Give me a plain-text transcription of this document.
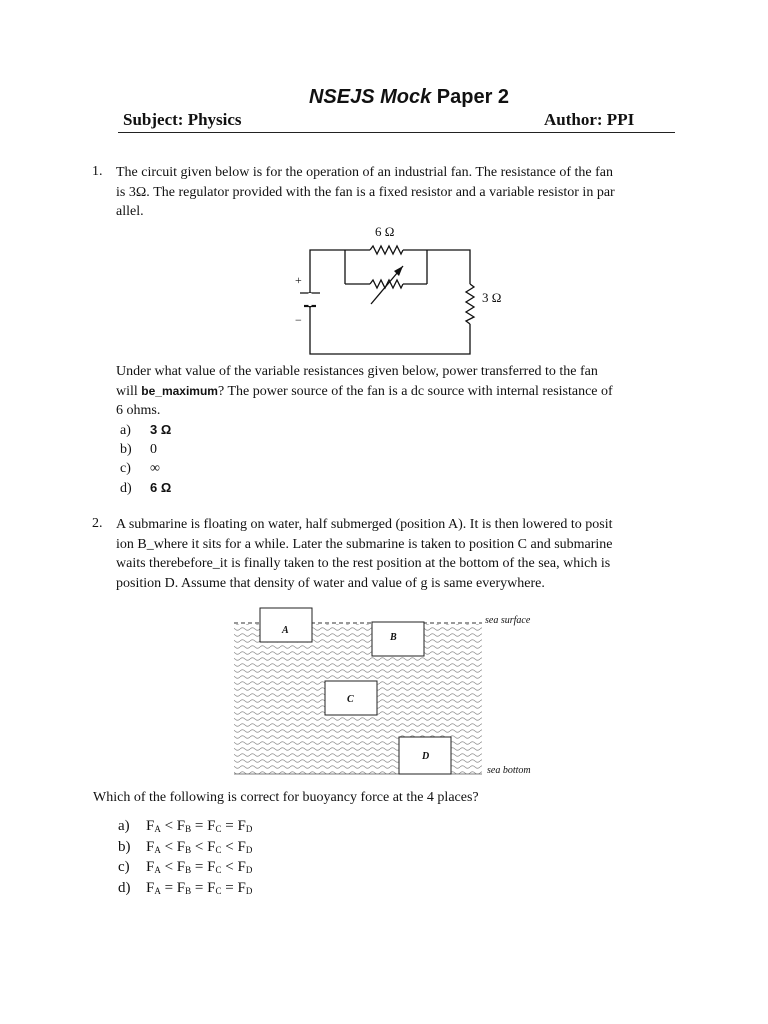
NSEJS Mock Paper 2
Subject: Physics	Author: PPI
1. The circuit given below is for the operation of an industrial fan. The resistance of the fan
is 3Ω. The regulator provided with the fan is a fixed resistor and a variable resistor in par
allel.
6 Ω
3 Ω
+
−
Under what value of the variable resistances given below, power transferred to the fan
will be_maximum? The power source of the fan is a dc source with internal resistance of
6 ohms.
a) 3 Ω
b) 0
c) ∞
d) 6 Ω
2. A submarine is floating on water, half submerged (position A). It is then lowered to posit
ion B_where it sits for a while. Later the submarine is taken to position C and submarine
waits therebefore_it is finally taken to the rest position at the bottom of the sea, which is
position D. Assume that density of water and value of g is same everywhere.
A
B
C
D
sea surface
sea bottom
Which of the following is correct for buoyancy force at the 4 places?
a) $F_A < F_B = F_C = F_D$
b) $F_A < F_B < F_C < F_D$
c) $F_A < F_B = F_C < F_D$
d) $F_A = F_B = F_C = F_D$
